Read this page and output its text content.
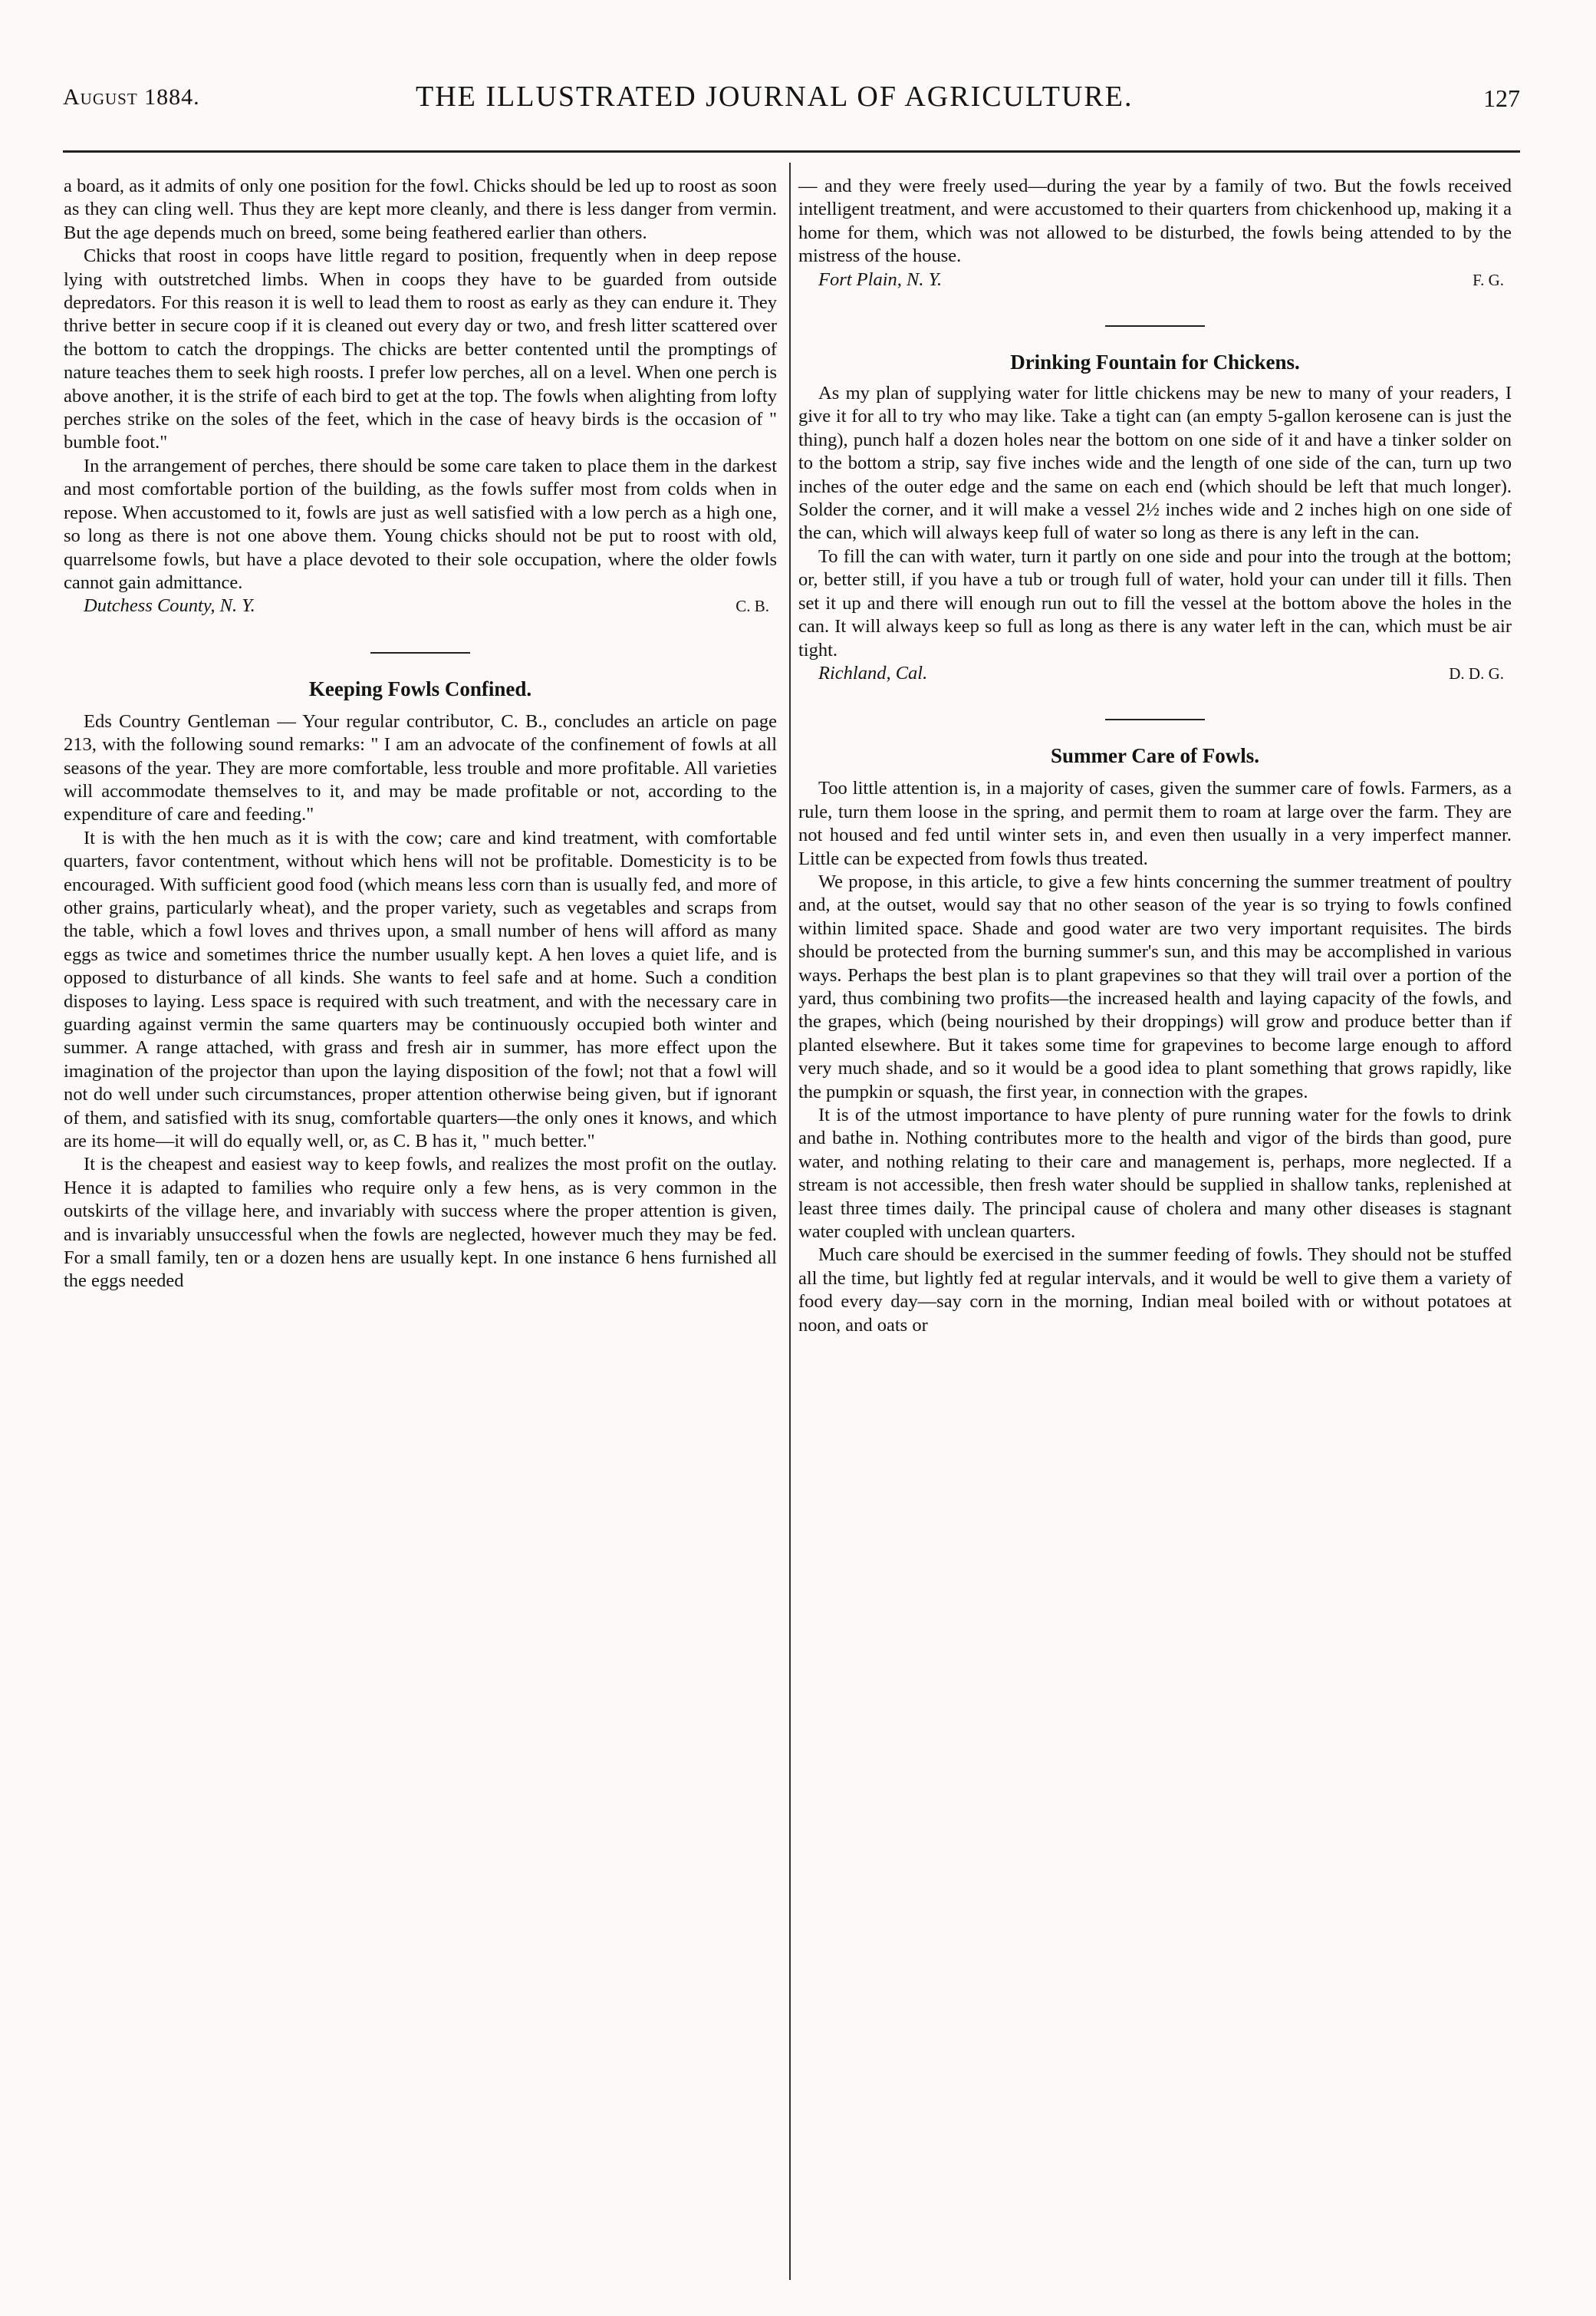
August 1884.	THE ILLUSTRATED JOURNAL OF AGRICULTURE.	127

a board, as it admits of only one position for the fowl. Chicks should be led up to roost as soon as they can cling well. Thus they are kept more cleanly, and there is less danger from vermin. But the age depends much on breed, some being feathered earlier than others.

Chicks that roost in coops have little regard to position, frequently when in deep repose lying with outstretched limbs. When in coops they have to be guarded from outside depredators. For this reason it is well to lead them to roost as early as they can endure it. They thrive better in secure coop if it is cleaned out every day or two, and fresh litter scattered over the bottom to catch the droppings. The chicks are better contented until the promptings of nature teaches them to seek high roosts. I prefer low perches, all on a level. When one perch is above another, it is the strife of each bird to get at the top. The fowls when alighting from lofty perches strike on the soles of the feet, which in the case of heavy birds is the occasion of " bumble foot."

In the arrangement of perches, there should be some care taken to place them in the darkest and most comfortable portion of the building, as the fowls suffer most from colds when in repose. When accustomed to it, fowls are just as well satisfied with a low perch as a high one, so long as there is not one above them. Young chicks should not be put to roost with old, quarrelsome fowls, but have a place devoted to their sole occupation, where the older fowls cannot gain admittance.

Dutchess County, N. Y.	C. B.
Keeping Fowls Confined.

Eds Country Gentleman — Your regular contributor, C. B., concludes an article on page 213, with the following sound remarks: " I am an advocate of the confinement of fowls at all seasons of the year. They are more comfortable, less trouble and more profitable. All varieties will accommodate themselves to it, and may be made profitable or not, according to the expenditure of care and feeding."

It is with the hen much as it is with the cow; care and kind treatment, with comfortable quarters, favor contentment, without which hens will not be profitable. Domesticity is to be encouraged. With sufficient good food (which means less corn than is usually fed, and more of other grains, particularly wheat), and the proper variety, such as vegetables and scraps from the table, which a fowl loves and thrives upon, a small number of hens will afford as many eggs as twice and sometimes thrice the number usually kept. A hen loves a quiet life, and is opposed to disturbance of all kinds. She wants to feel safe and at home. Such a condition disposes to laying. Less space is required with such treatment, and with the necessary care in guarding against vermin the same quarters may be continuously occupied both winter and summer. A range attached, with grass and fresh air in summer, has more effect upon the imagination of the projector than upon the laying disposition of the fowl; not that a fowl will not do well under such circumstances, proper attention otherwise being given, but if ignorant of them, and satisfied with its snug, comfortable quarters—the only ones it knows, and which are its home—it will do equally well, or, as C. B has it, " much better."

It is the cheapest and easiest way to keep fowls, and realizes the most profit on the outlay. Hence it is adapted to families who require only a few hens, as is very common in the outskirts of the village here, and invariably with success where the proper attention is given, and is invariably unsuccessful when the fowls are neglected, however much they may be fed. For a small family, ten or a dozen hens are usually kept. In one instance 6 hens furnished all the eggs needed

— and they were freely used—during the year by a family of two. But the fowls received intelligent treatment, and were accustomed to their quarters from chickenhood up, making it a home for them, which was not allowed to be disturbed, the fowls being attended to by the mistress of the house.
Fort Plain, N. Y.	F. G.
Drinking Fountain for Chickens.

As my plan of supplying water for little chickens may be new to many of your readers, I give it for all to try who may like. Take a tight can (an empty 5-gallon kerosene can is just the thing), punch half a dozen holes near the bottom on one side of it and have a tinker solder on to the bottom a strip, say five inches wide and the length of one side of the can, turn up two inches of the outer edge and the same on each end (which should be left that much longer). Solder the corner, and it will make a vessel 2½ inches wide and 2 inches high on one side of the can, which will always keep full of water so long as there is any left in the can.

To fill the can with water, turn it partly on one side and pour into the trough at the bottom; or, better still, if you have a tub or trough full of water, hold your can under till it fills. Then set it up and there will enough run out to fill the vessel at the bottom above the holes in the can. It will always keep so full as long as there is any water left in the can, which must be air tight.

Richland, Cal.	D. D. G.
Summer Care of Fowls.

Too little attention is, in a majority of cases, given the summer care of fowls. Farmers, as a rule, turn them loose in the spring, and permit them to roam at large over the farm. They are not housed and fed until winter sets in, and even then usually in a very imperfect manner. Little can be expected from fowls thus treated.

We propose, in this article, to give a few hints concerning the summer treatment of poultry and, at the outset, would say that no other season of the year is so trying to fowls confined within limited space. Shade and good water are two very important requisites. The birds should be protected from the burning summer's sun, and this may be accomplished in various ways. Perhaps the best plan is to plant grapevines so that they will trail over a portion of the yard, thus combining two profits—the increased health and laying capacity of the fowls, and the grapes, which (being nourished by their droppings) will grow and produce better than if planted elsewhere. But it takes some time for grapevines to become large enough to afford very much shade, and so it would be a good idea to plant something that grows rapidly, like the pumpkin or squash, the first year, in connection with the grapes.

It is of the utmost importance to have plenty of pure running water for the fowls to drink and bathe in. Nothing contributes more to the health and vigor of the birds than good, pure water, and nothing relating to their care and management is, perhaps, more neglected. If a stream is not accessible, then fresh water should be supplied in shallow tanks, replenished at least three times daily. The principal cause of cholera and many other diseases is stagnant water coupled with unclean quarters.

Much care should be exercised in the summer feeding of fowls. They should not be stuffed all the time, but lightly fed at regular intervals, and it would be well to give them a variety of food every day—say corn in the morning, Indian meal boiled with or without potatoes at noon, and oats or
